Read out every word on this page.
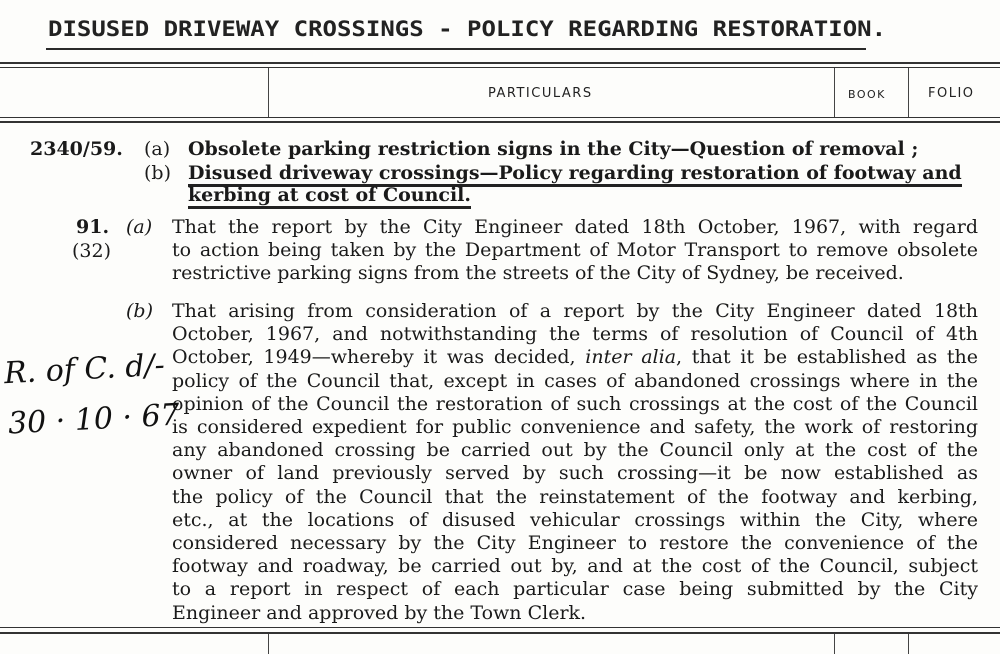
DISUSED DRIVEWAY CROSSINGS - POLICY REGARDING RESTORATION.
PARTICULARS	BOOK	FOLIO
2340/59. (a) Obsolete parking restriction signs in the City—Question of removal ;
(b) Disused driveway crossings—Policy regarding restoration of footway and
kerbing at cost of Council.
91.
(32)
(a) That the report by the City Engineer dated 18th October, 1967, with regard
to action being taken by the Department of Motor Transport to remove obsolete
restrictive parking signs from the streets of the City of Sydney, be received.
(b) That arising from consideration of a report by the City Engineer dated 18th
October, 1967, and notwithstanding the terms of resolution of Council of 4th
October, 1949—whereby it was decided, inter alia, that it be established as the
policy of the Council that, except in cases of abandoned crossings where in the
opinion of the Council the restoration of such crossings at the cost of the Council
is considered expedient for public convenience and safety, the work of restoring
any abandoned crossing be carried out by the Council only at the cost of the
owner of land previously served by such crossing—it be now established as
the policy of the Council that the reinstatement of the footway and kerbing,
etc., at the locations of disused vehicular crossings within the City, where
considered necessary by the City Engineer to restore the convenience of the
footway and roadway, be carried out by, and at the cost of the Council, subject
to a report in respect of each particular case being submitted by the City
Engineer and approved by the Town Clerk.
R. of C. d/-
30 · 10 · 67
